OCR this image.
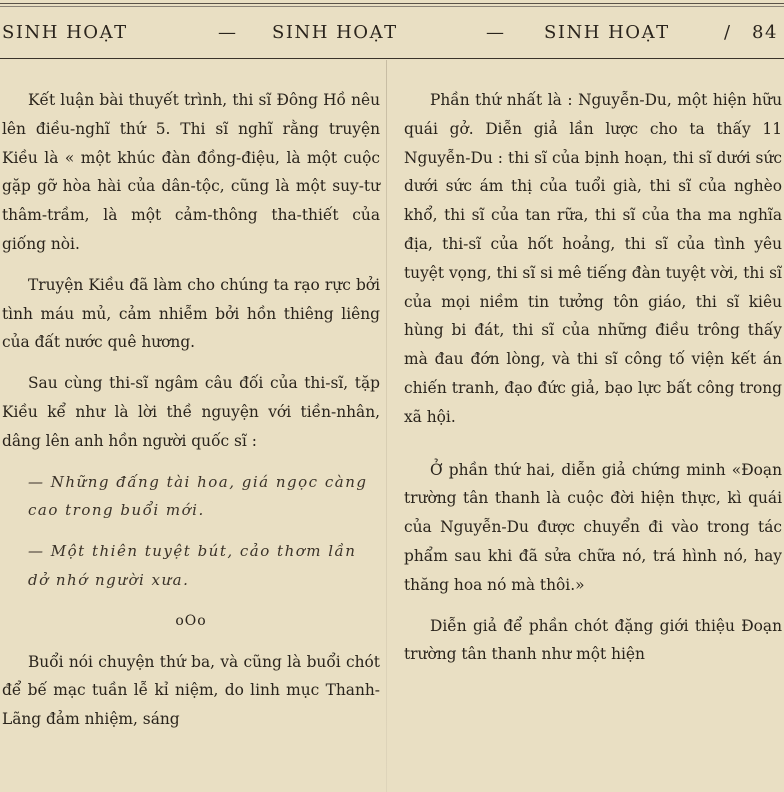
SINH HOẠT	— SINH HOẠT	— SINH HOẠT	/ 84

Kết luận bài thuyết trình, thi sĩ Đông Hồ nêu lên điều-nghĩ thứ 5. Thi sĩ nghĩ rằng truyện Kiều là « một khúc đàn đồng-điệu, là một cuộc gặp gỡ hòa hài của dân-tộc, cũng là một suy-tư thâm-trầm, là một cảm-thông tha-thiết của giống nòi.

Truyện Kiều đã làm cho chúng ta rạo rực bởi tình máu mủ, cảm nhiễm bởi hồn thiêng liêng của đất nước quê hương.

Sau cùng thi-sĩ ngâm câu đối của thi-sĩ, tặp Kiều kể như là lời thề nguyện với tiền-nhân, dâng lên anh hồn người quốc sĩ :

— Những đấng tài hoa, giá ngọc càng cao trong buổi mới.

— Một thiên tuyệt bút, cảo thơm lần dở nhớ người xưa.

oOo

Buổi nói chuyện thứ ba, và cũng là buổi chót để bế mạc tuần lễ kỉ niệm, do linh mục Thanh-Lãng đảm nhiệm, sáng

Phần thứ nhất là : Nguyễn-Du, một hiện hữu quái gở. Diễn giả lần lược cho ta thấy 11 Nguyễn-Du : thi sĩ của bịnh hoạn, thi sĩ dưới sức dưới sức ám thị của tuổi già, thi sĩ của nghèo khổ, thi sĩ của tan rữa, thi sĩ của tha ma nghĩa địa, thi-sĩ của hốt hoảng, thi sĩ của tình yêu tuyệt vọng, thi sĩ si mê tiếng đàn tuyệt vời, thi sĩ của mọi niềm tin tưởng tôn giáo, thi sĩ kiêu hùng bi đát, thi sĩ của những điều trông thấy mà đau đớn lòng, và thi sĩ công tố viện kết án chiến tranh, đạo đức giả, bạo lực bất công trong xã hội.

Ở phần thứ hai, diễn giả chứng minh «Đoạn trường tân thanh là cuộc đời hiện thực, kì quái của Nguyễn-Du được chuyển đi vào trong tác phẩm sau khi đã sửa chữa nó, trá hình nó, hay thăng hoa nó mà thôi.»

Diễn giả để phần chót đặng giới thiệu Đoạn trường tân thanh như một hiện
